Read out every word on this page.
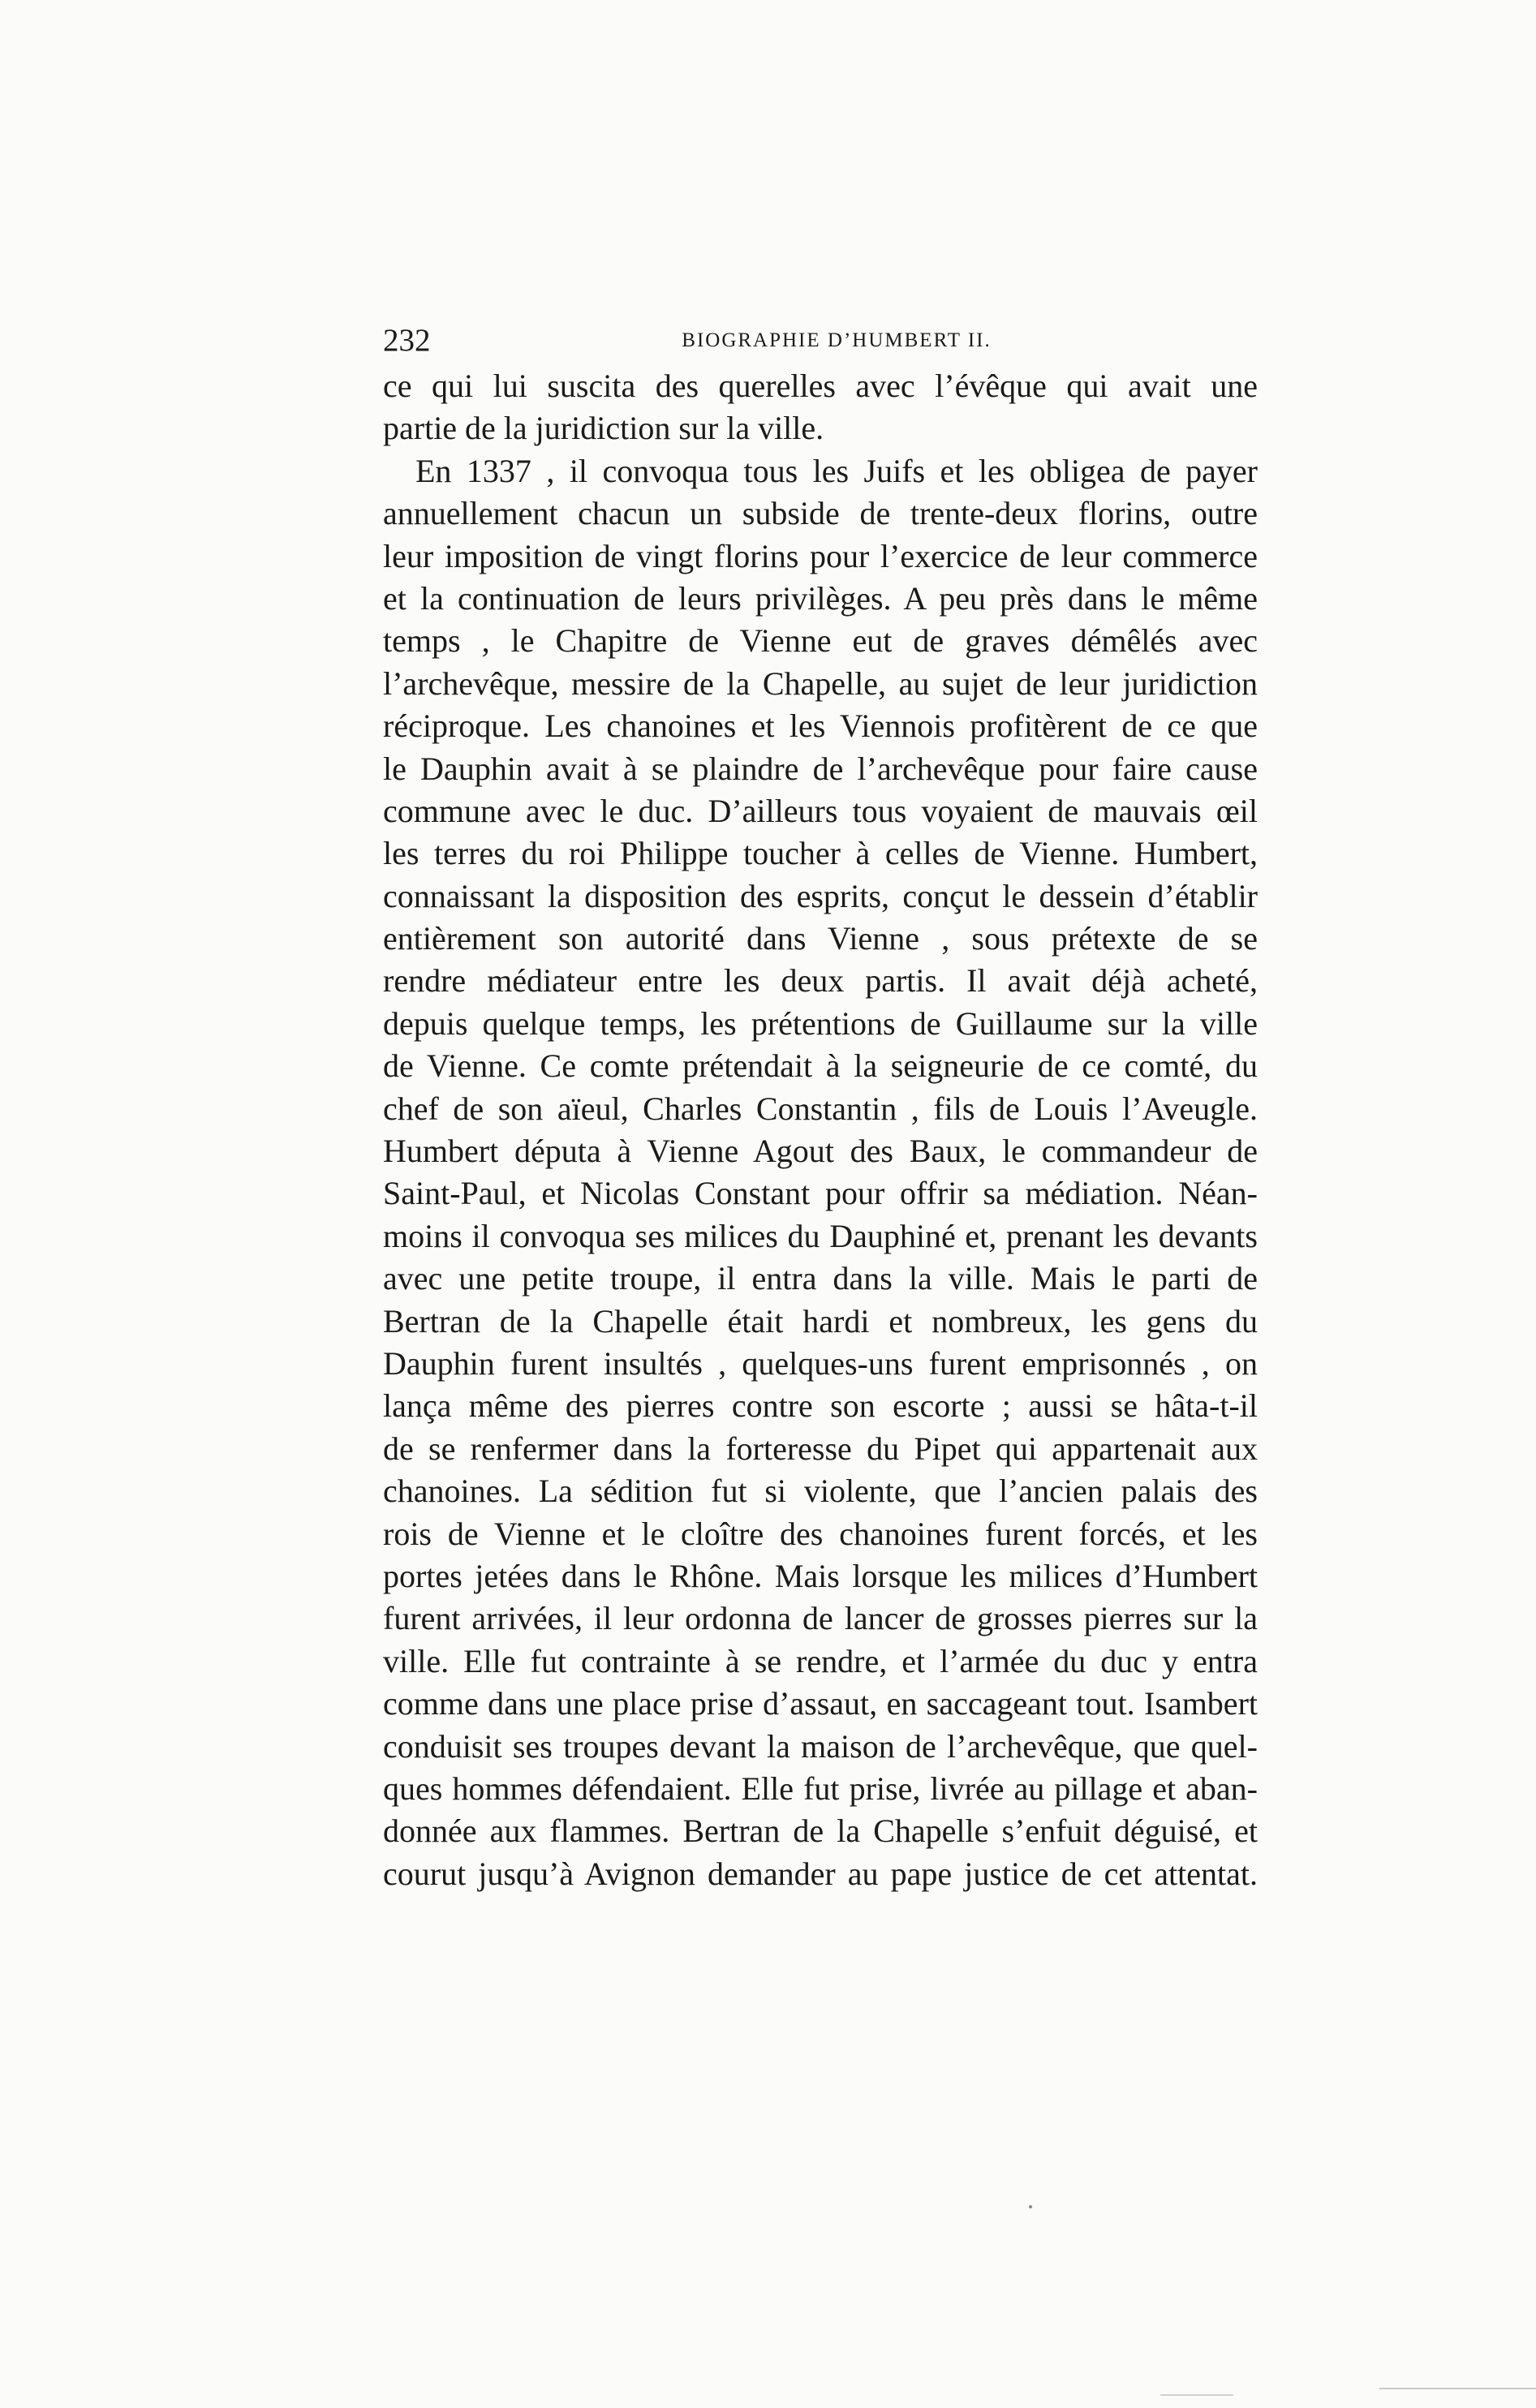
232	BIOGRAPHIE D’HUMBERT II.
ce qui lui suscita des querelles avec l’évêque qui avait une
partie de la juridiction sur la ville.
En 1337 , il convoqua tous les Juifs et les obligea de payer
annuellement chacun un subside de trente-deux florins, outre
leur imposition de vingt florins pour l’exercice de leur commerce
et la continuation de leurs privilèges. A peu près dans le même
temps , le Chapitre de Vienne eut de graves démêlés avec
l’archevêque, messire de la Chapelle, au sujet de leur juridiction
réciproque. Les chanoines et les Viennois profitèrent de ce que
le Dauphin avait à se plaindre de l’archevêque pour faire cause
commune avec le duc. D’ailleurs tous voyaient de mauvais œil
les terres du roi Philippe toucher à celles de Vienne. Humbert,
connaissant la disposition des esprits, conçut le dessein d’établir
entièrement son autorité dans Vienne , sous prétexte de se
rendre médiateur entre les deux partis. Il avait déjà acheté,
depuis quelque temps, les prétentions de Guillaume sur la ville
de Vienne. Ce comte prétendait à la seigneurie de ce comté, du
chef de son aïeul, Charles Constantin , fils de Louis l’Aveugle.
Humbert députa à Vienne Agout des Baux, le commandeur de
Saint-Paul, et Nicolas Constant pour offrir sa médiation. Néan-
moins il convoqua ses milices du Dauphiné et, prenant les devants
avec une petite troupe, il entra dans la ville. Mais le parti de
Bertran de la Chapelle était hardi et nombreux, les gens du
Dauphin furent insultés , quelques-uns furent emprisonnés , on
lança même des pierres contre son escorte ; aussi se hâta-t-il
de se renfermer dans la forteresse du Pipet qui appartenait aux
chanoines. La sédition fut si violente, que l’ancien palais des
rois de Vienne et le cloître des chanoines furent forcés, et les
portes jetées dans le Rhône. Mais lorsque les milices d’Humbert
furent arrivées, il leur ordonna de lancer de grosses pierres sur la
ville. Elle fut contrainte à se rendre, et l’armée du duc y entra
comme dans une place prise d’assaut, en saccageant tout. Isambert
conduisit ses troupes devant la maison de l’archevêque, que quel-
ques hommes défendaient. Elle fut prise, livrée au pillage et aban-
donnée aux flammes. Bertran de la Chapelle s’enfuit déguisé, et
courut jusqu’à Avignon demander au pape justice de cet attentat.
